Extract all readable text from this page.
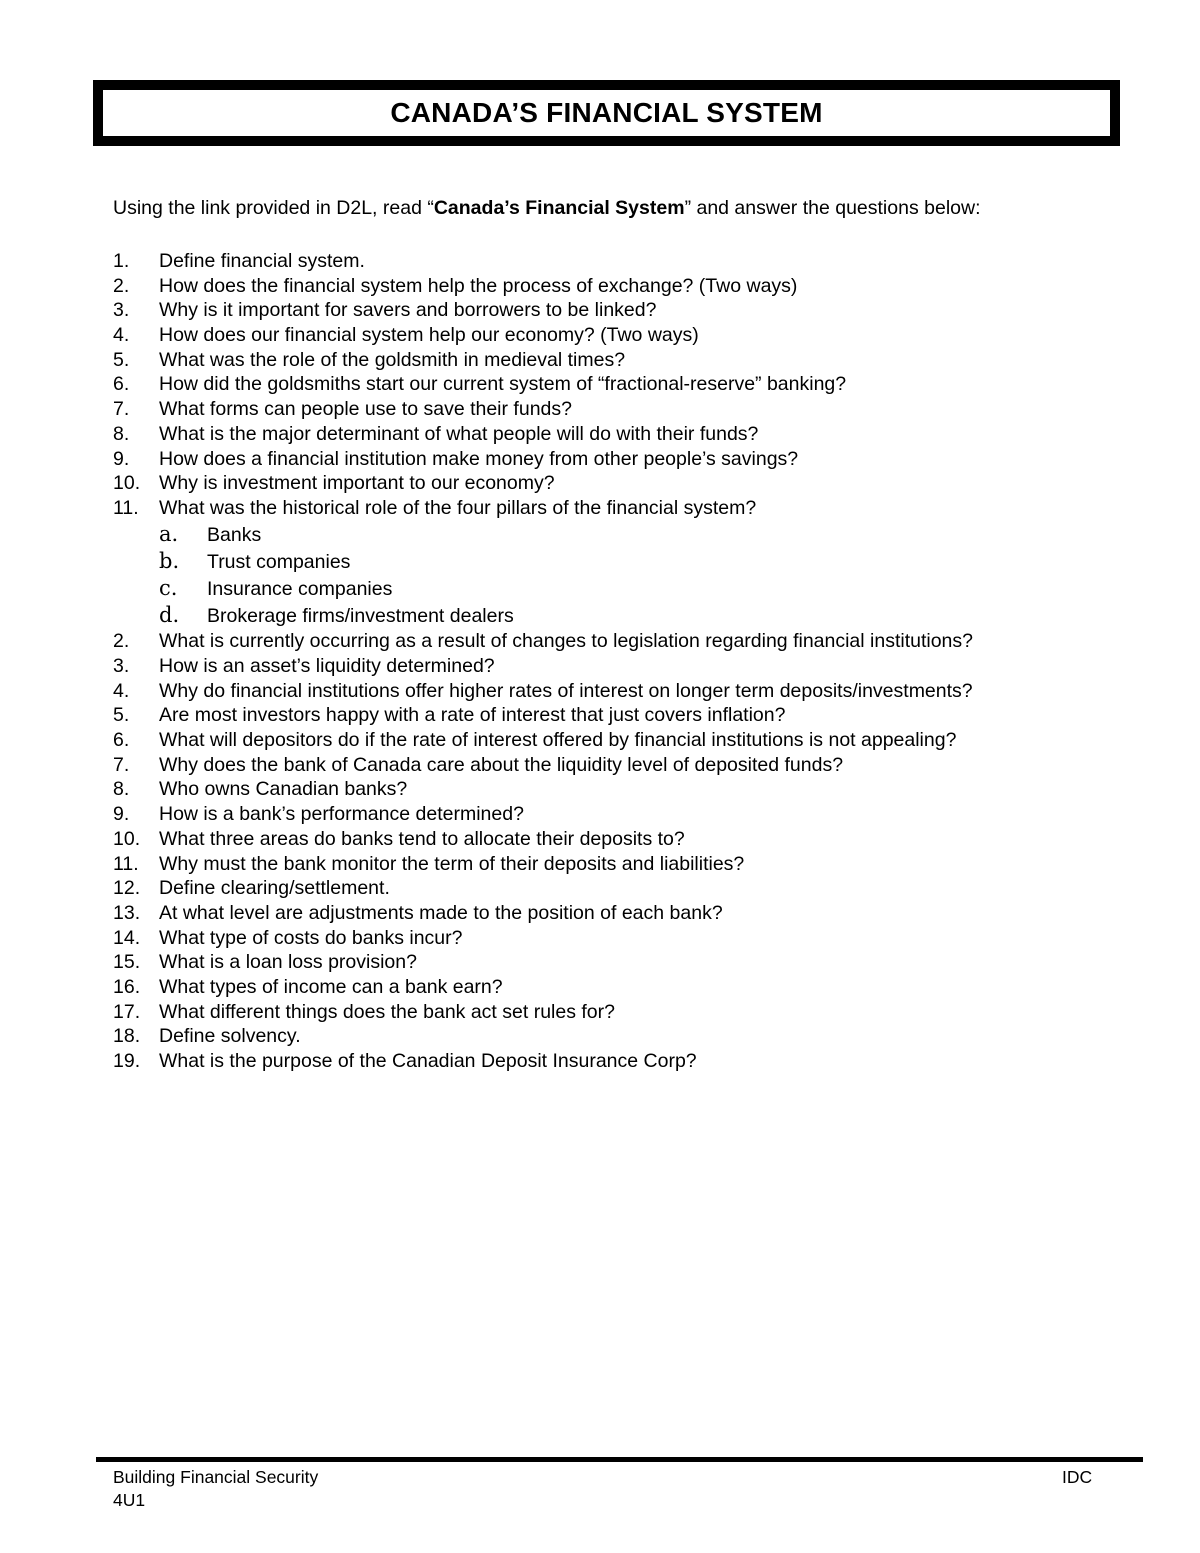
CANADA’S FINANCIAL SYSTEM
Using the link provided in D2L, read “Canada’s Financial System” and answer the questions below:
1. Define financial system.
2. How does the financial system help the process of exchange? (Two ways)
3. Why is it important for savers and borrowers to be linked?
4. How does our financial system help our economy? (Two ways)
5. What was the role of the goldsmith in medieval times?
6. How did the goldsmiths start our current system of “fractional-reserve” banking?
7. What forms can people use to save their funds?
8. What is the major determinant of what people will do with their funds?
9. How does a financial institution make money from other people’s savings?
10. Why is investment important to our economy?
11. What was the historical role of the four pillars of the financial system?
a. Banks
b. Trust companies
c. Insurance companies
d. Brokerage firms/investment dealers
2. What is currently occurring as a result of changes to legislation regarding financial institutions?
3. How is an asset’s liquidity determined?
4. Why do financial institutions offer higher rates of interest on longer term deposits/investments?
5. Are most investors happy with a rate of interest that just covers inflation?
6. What will depositors do if the rate of interest offered by financial institutions is not appealing?
7. Why does the bank of Canada care about the liquidity level of deposited funds?
8. Who owns Canadian banks?
9. How is a bank’s performance determined?
10. What three areas do banks tend to allocate their deposits to?
11. Why must the bank monitor the term of their deposits and liabilities?
12. Define clearing/settlement.
13. At what level are adjustments made to the position of each bank?
14. What type of costs do banks incur?
15. What is a loan loss provision?
16. What types of income can a bank earn?
17. What different things does the bank act set rules for?
18. Define solvency.
19. What is the purpose of the Canadian Deposit Insurance Corp?
Building Financial Security
4U1
IDC
